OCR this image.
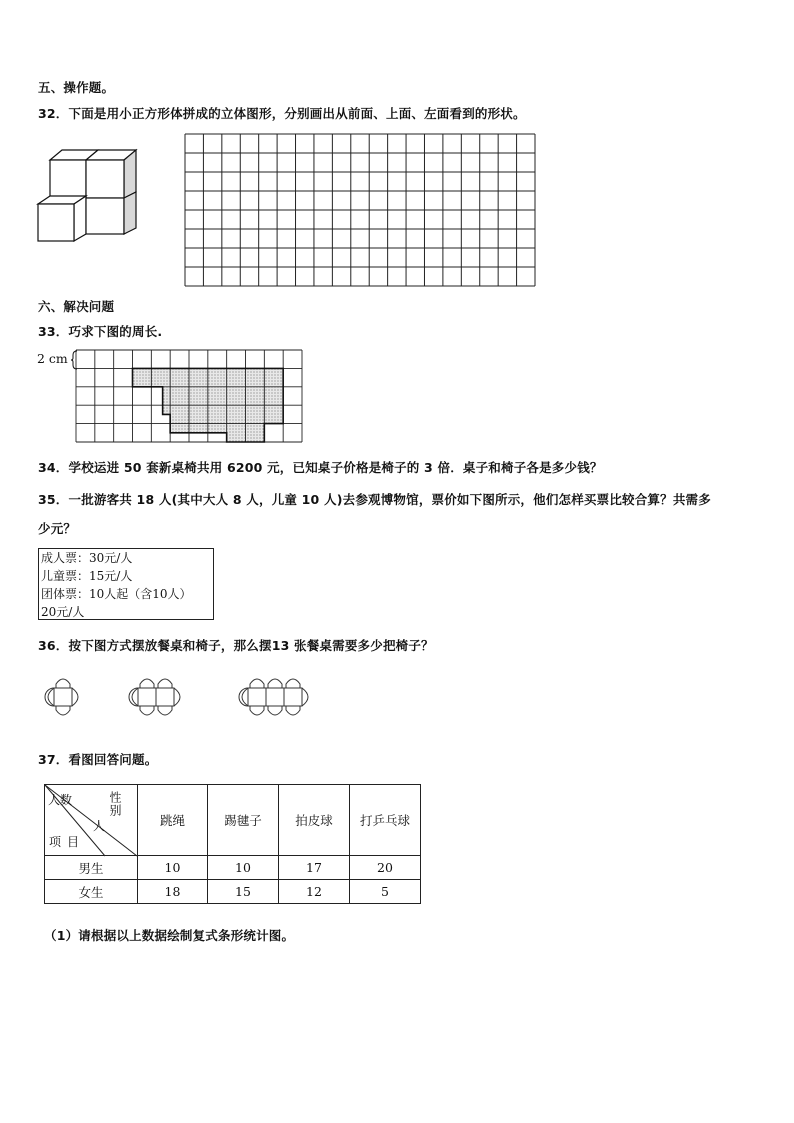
五、操作题。
32．下面是用小正方形体拼成的立体图形，分别画出从前面、上面、左面看到的形状。
六、解决问题
33．巧求下图的周长.
2 cm
34．学校运进 50 套新桌椅共用 6200 元，已知桌子价格是椅子的 3 倍．桌子和椅子各是多少钱？
35．一批游客共 18 人(其中大人 8 人，儿童 10 人)去参观博物馆，票价如下图所示，他们怎样买票比较合算？共需多
少元？
成人票：30元/人
儿童票：15元/人
团体票：10人起（含10人）
20元/人
36．按下图方式摆放餐桌和椅子，那么摆13 张餐桌需要多少把椅子？
37．看图回答问题。
性别
人数
人
项目	跳绳	踢毽子	拍皮球	打乒乓球
男生	10	10	17	20
女生	18	15	12	5
（1）请根据以上数据绘制复式条形统计图。
